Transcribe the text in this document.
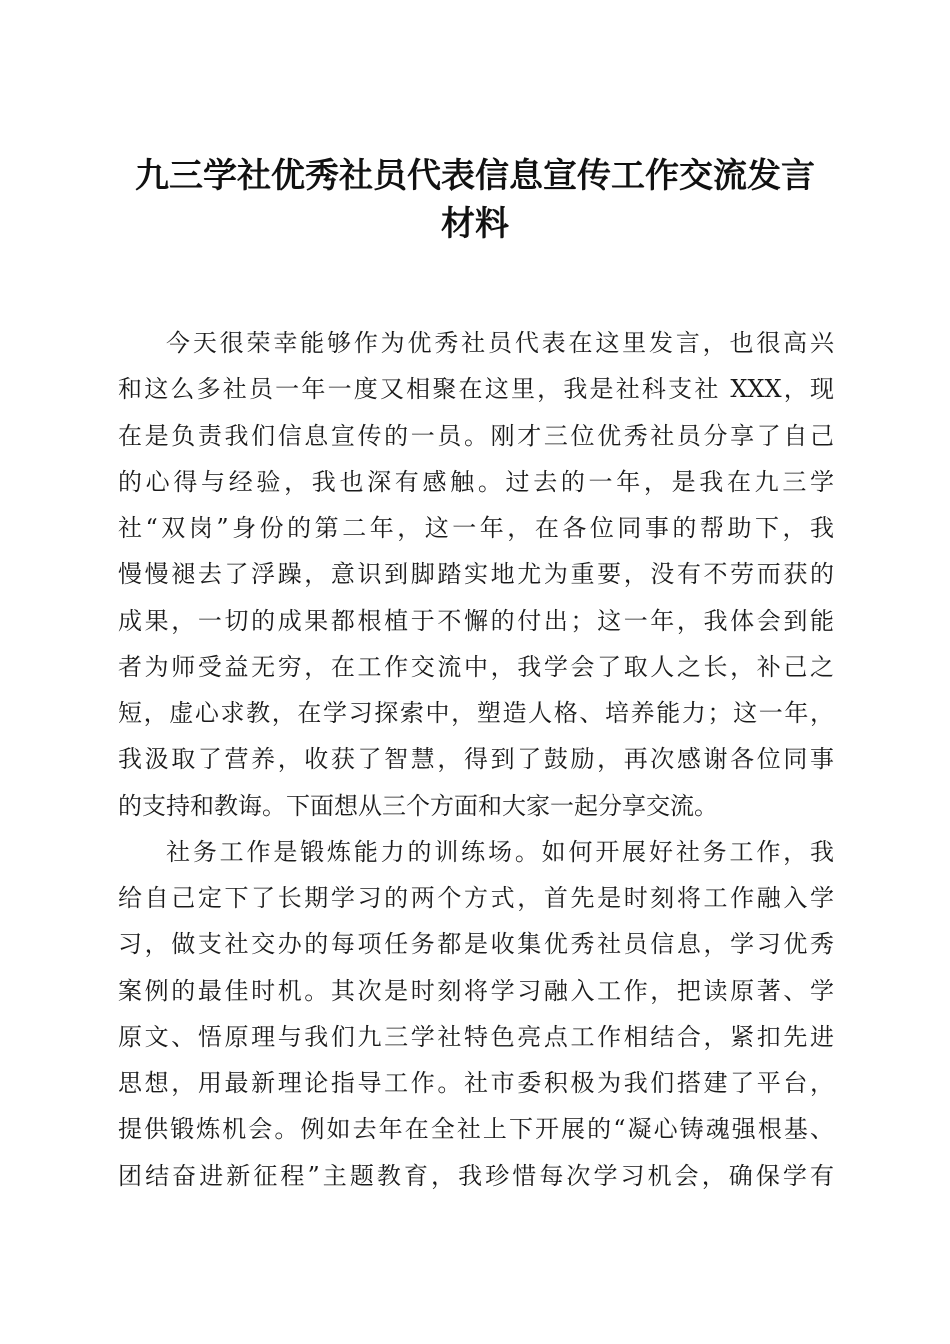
九三学社优秀社员代表信息宣传工作交流发言
材料
今天很荣幸能够作为优秀社员代表在这里发言，也很高兴
和这么多社员一年一度又相聚在这里，我是社科支社 XXX，现
在是负责我们信息宣传的一员。刚才三位优秀社员分享了自己
的心得与经验，我也深有感触。过去的一年，是我在九三学
社“双岗”身份的第二年，这一年，在各位同事的帮助下，我
慢慢褪去了浮躁，意识到脚踏实地尤为重要，没有不劳而获的
成果，一切的成果都根植于不懈的付出；这一年，我体会到能
者为师受益无穷，在工作交流中，我学会了取人之长，补己之
短，虚心求教，在学习探索中，塑造人格、培养能力；这一年，
我汲取了营养，收获了智慧，得到了鼓励，再次感谢各位同事
的支持和教诲。下面想从三个方面和大家一起分享交流。
社务工作是锻炼能力的训练场。如何开展好社务工作，我
给自己定下了长期学习的两个方式，首先是时刻将工作融入学
习，做支社交办的每项任务都是收集优秀社员信息，学习优秀
案例的最佳时机。其次是时刻将学习融入工作，把读原著、学
原文、悟原理与我们九三学社特色亮点工作相结合，紧扣先进
思想，用最新理论指导工作。社市委积极为我们搭建了平台，
提供锻炼机会。例如去年在全社上下开展的“凝心铸魂强根基、
团结奋进新征程”主题教育，我珍惜每次学习机会，确保学有
